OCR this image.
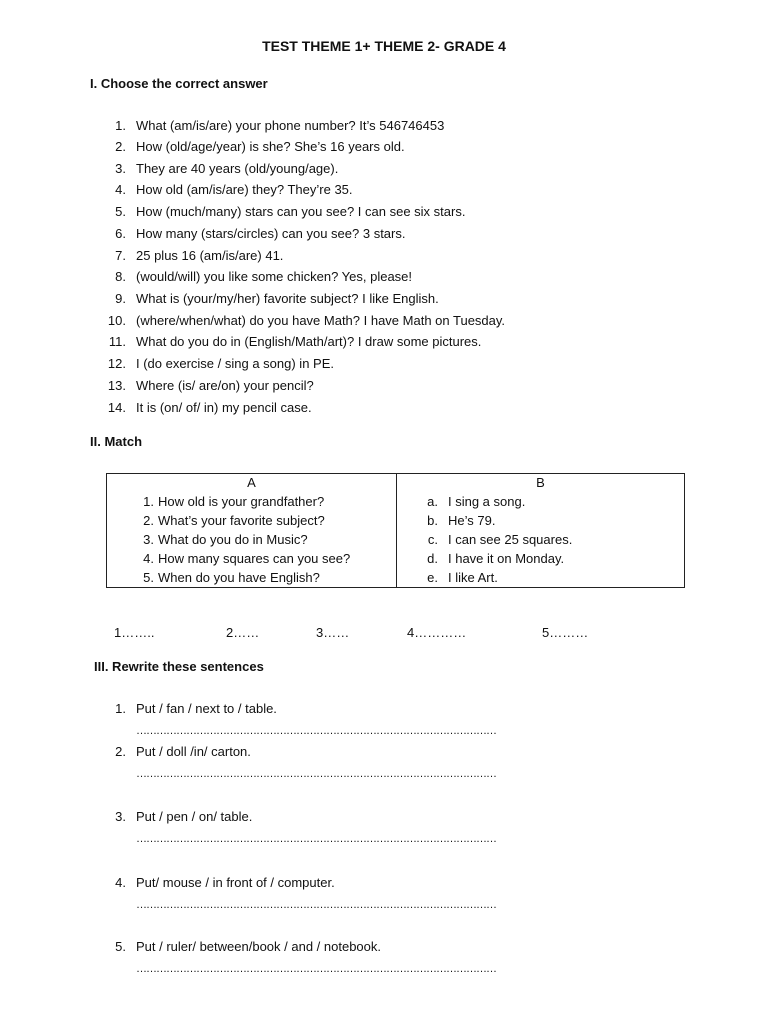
TEST THEME 1+ THEME 2- GRADE 4
I. Choose the correct answer
1. What (am/is/are) your phone number? It’s 546746453
2. How (old/age/year) is she? She’s 16 years old.
3. They are 40 years (old/young/age).
4. How old (am/is/are) they? They’re 35.
5. How (much/many) stars can you see? I can see six stars.
6. How many (stars/circles) can you see? 3 stars.
7. 25 plus 16 (am/is/are) 41.
8. (would/will) you like some chicken? Yes, please!
9. What is (your/my/her) favorite subject? I like English.
10. (where/when/what) do you have Math? I have Math on Tuesday.
11. What do you do in (English/Math/art)? I draw some pictures.
12. I (do exercise / sing a song) in PE.
13. Where (is/ are/on) your pencil?
14. It is (on/ of/ in) my pencil case.
II. Match
A
1. How old is your grandfather?
2. What’s your favorite subject?
3. What do you do in Music?
4. How many squares can you see?
5. When do you have English?

B
a. I sing a song.
b. He’s 79.
c. I can see 25 squares.
d. I have it on Monday.
e. I like Art.
1……..	2……	3……	4…………	5………
III. Rewrite these sentences
1. Put / fan / next to / table.
………………………………………………………………………………………………
2. Put / doll /in/ carton.
………………………………………………………………………………………………
3. Put / pen / on/ table.
………………………………………………………………………………………………
4. Put/ mouse / in front of / computer.
………………………………………………………………………………………………
5. Put / ruler/ between/book / and / notebook.
………………………………………………………………………………………………
